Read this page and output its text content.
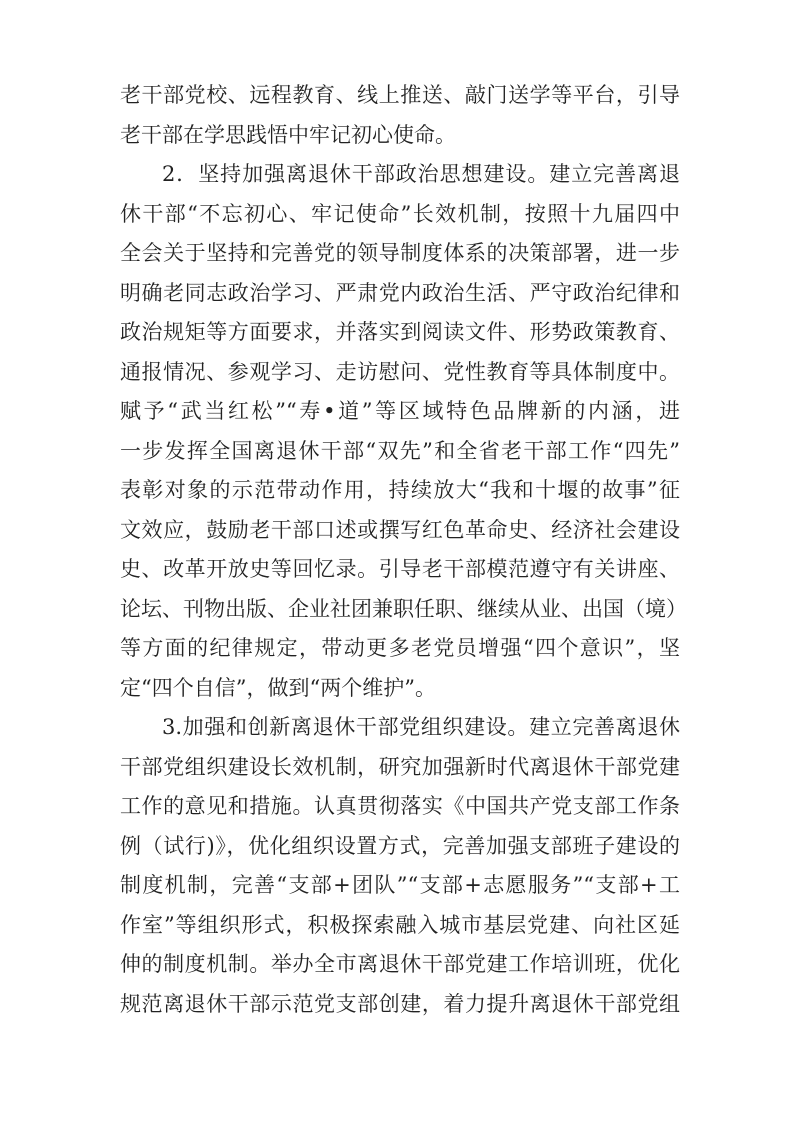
老干部党校、远程教育、线上推送、敲门送学等平台，引导
老干部在学思践悟中牢记初心使命。
2．坚持加强离退休干部政治思想建设。建立完善离退
休干部“不忘初心、牢记使命”长效机制，按照十九届四中
全会关于坚持和完善党的领导制度体系的决策部署，进一步
明确老同志政治学习、严肃党内政治生活、严守政治纪律和
政治规矩等方面要求，并落实到阅读文件、形势政策教育、
通报情况、参观学习、走访慰问、党性教育等具体制度中。
赋予“武当红松”“寿•道”等区域特色品牌新的内涵，进
一步发挥全国离退休干部“双先”和全省老干部工作“四先”
表彰对象的示范带动作用，持续放大“我和十堰的故事”征
文效应，鼓励老干部口述或撰写红色革命史、经济社会建设
史、改革开放史等回忆录。引导老干部模范遵守有关讲座、
论坛、刊物出版、企业社团兼职任职、继续从业、出国（境）
等方面的纪律规定，带动更多老党员增强“四个意识”，坚
定“四个自信”，做到“两个维护”。
3.加强和创新离退休干部党组织建设。建立完善离退休
干部党组织建设长效机制，研究加强新时代离退休干部党建
工作的意见和措施。认真贯彻落实《中国共产党支部工作条
例（试行)》，优化组织设置方式，完善加强支部班子建设的
制度机制，完善“支部+团队”“支部+志愿服务”“支部+工
作室”等组织形式，积极探索融入城市基层党建、向社区延
伸的制度机制。举办全市离退休干部党建工作培训班，优化
规范离退休干部示范党支部创建，着力提升离退休干部党组
